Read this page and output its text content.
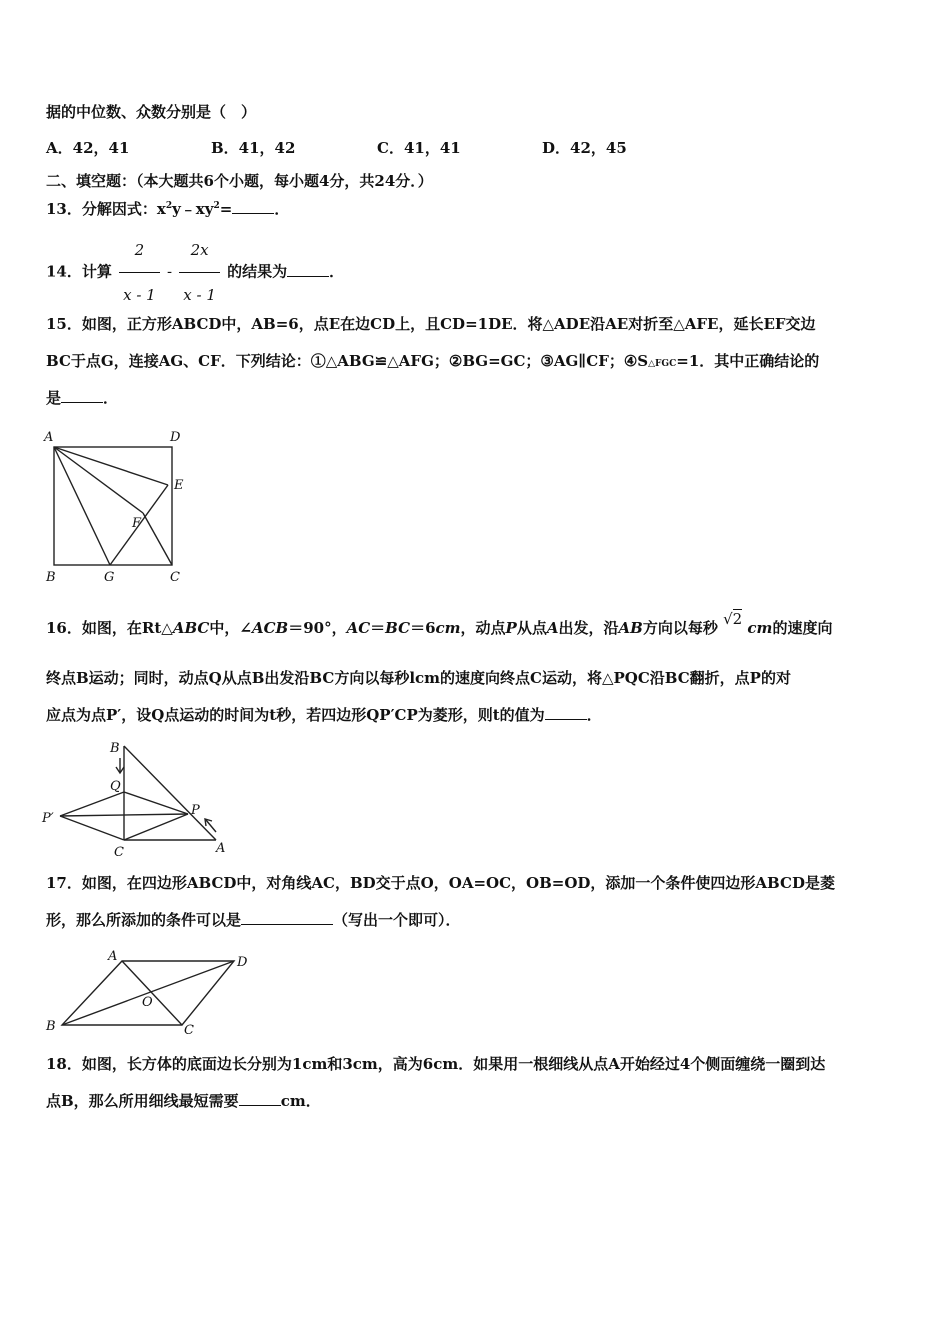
据的中位数、众数分别是（　）
A．42，41	B．41，42	C．41，41	D．42，45
二、填空题：（本大题共6个小题，每小题4分，共24分．）
13．分解因式：$x^2y﹣xy^2=$	．
14．计算 $\frac{2}{x - 1} - \frac{2x}{x - 1}$ 的结果为	．
15．如图，正方形ABCD中，AB=6，点E在边CD上，且CD=1DE．将△ADE沿AE对折至△AFE，延长EF交边
BC于点G，连接AG、CF．下列结论：①△ABG≌△AFG；②BG=GC；③AG∥CF；④S△FGC=1．其中正确结论的
是	．
A	D
E
F
B	G	C
16．如图，在Rt△ABC中，∠ACB＝90°，AC＝BC＝6cm，动点P从点A出发，沿AB方向以每秒 √2 cm的速度向
终点B运动；同时，动点Q从点B出发沿BC方向以每秒lcm的速度向终点C运动，将△PQC沿BC翻折，点P的对
应点为点P′，设Q点运动的时间为t秒，若四边形QP′CP为菱形，则t的值为	．
B
Q
P
P′
C	A
17．如图，在四边形ABCD中，对角线AC，BD交于点O，OA=OC，OB=OD，添加一个条件使四边形ABCD是菱
形，那么所添加的条件可以是	（写出一个即可）．
A	D
O
B	C
18．如图，长方体的底面边长分别为1cm和3cm，高为6cm．如果用一根细线从点A开始经过4个侧面缠绕一圈到达
点B，那么所用细线最短需要	cm．
